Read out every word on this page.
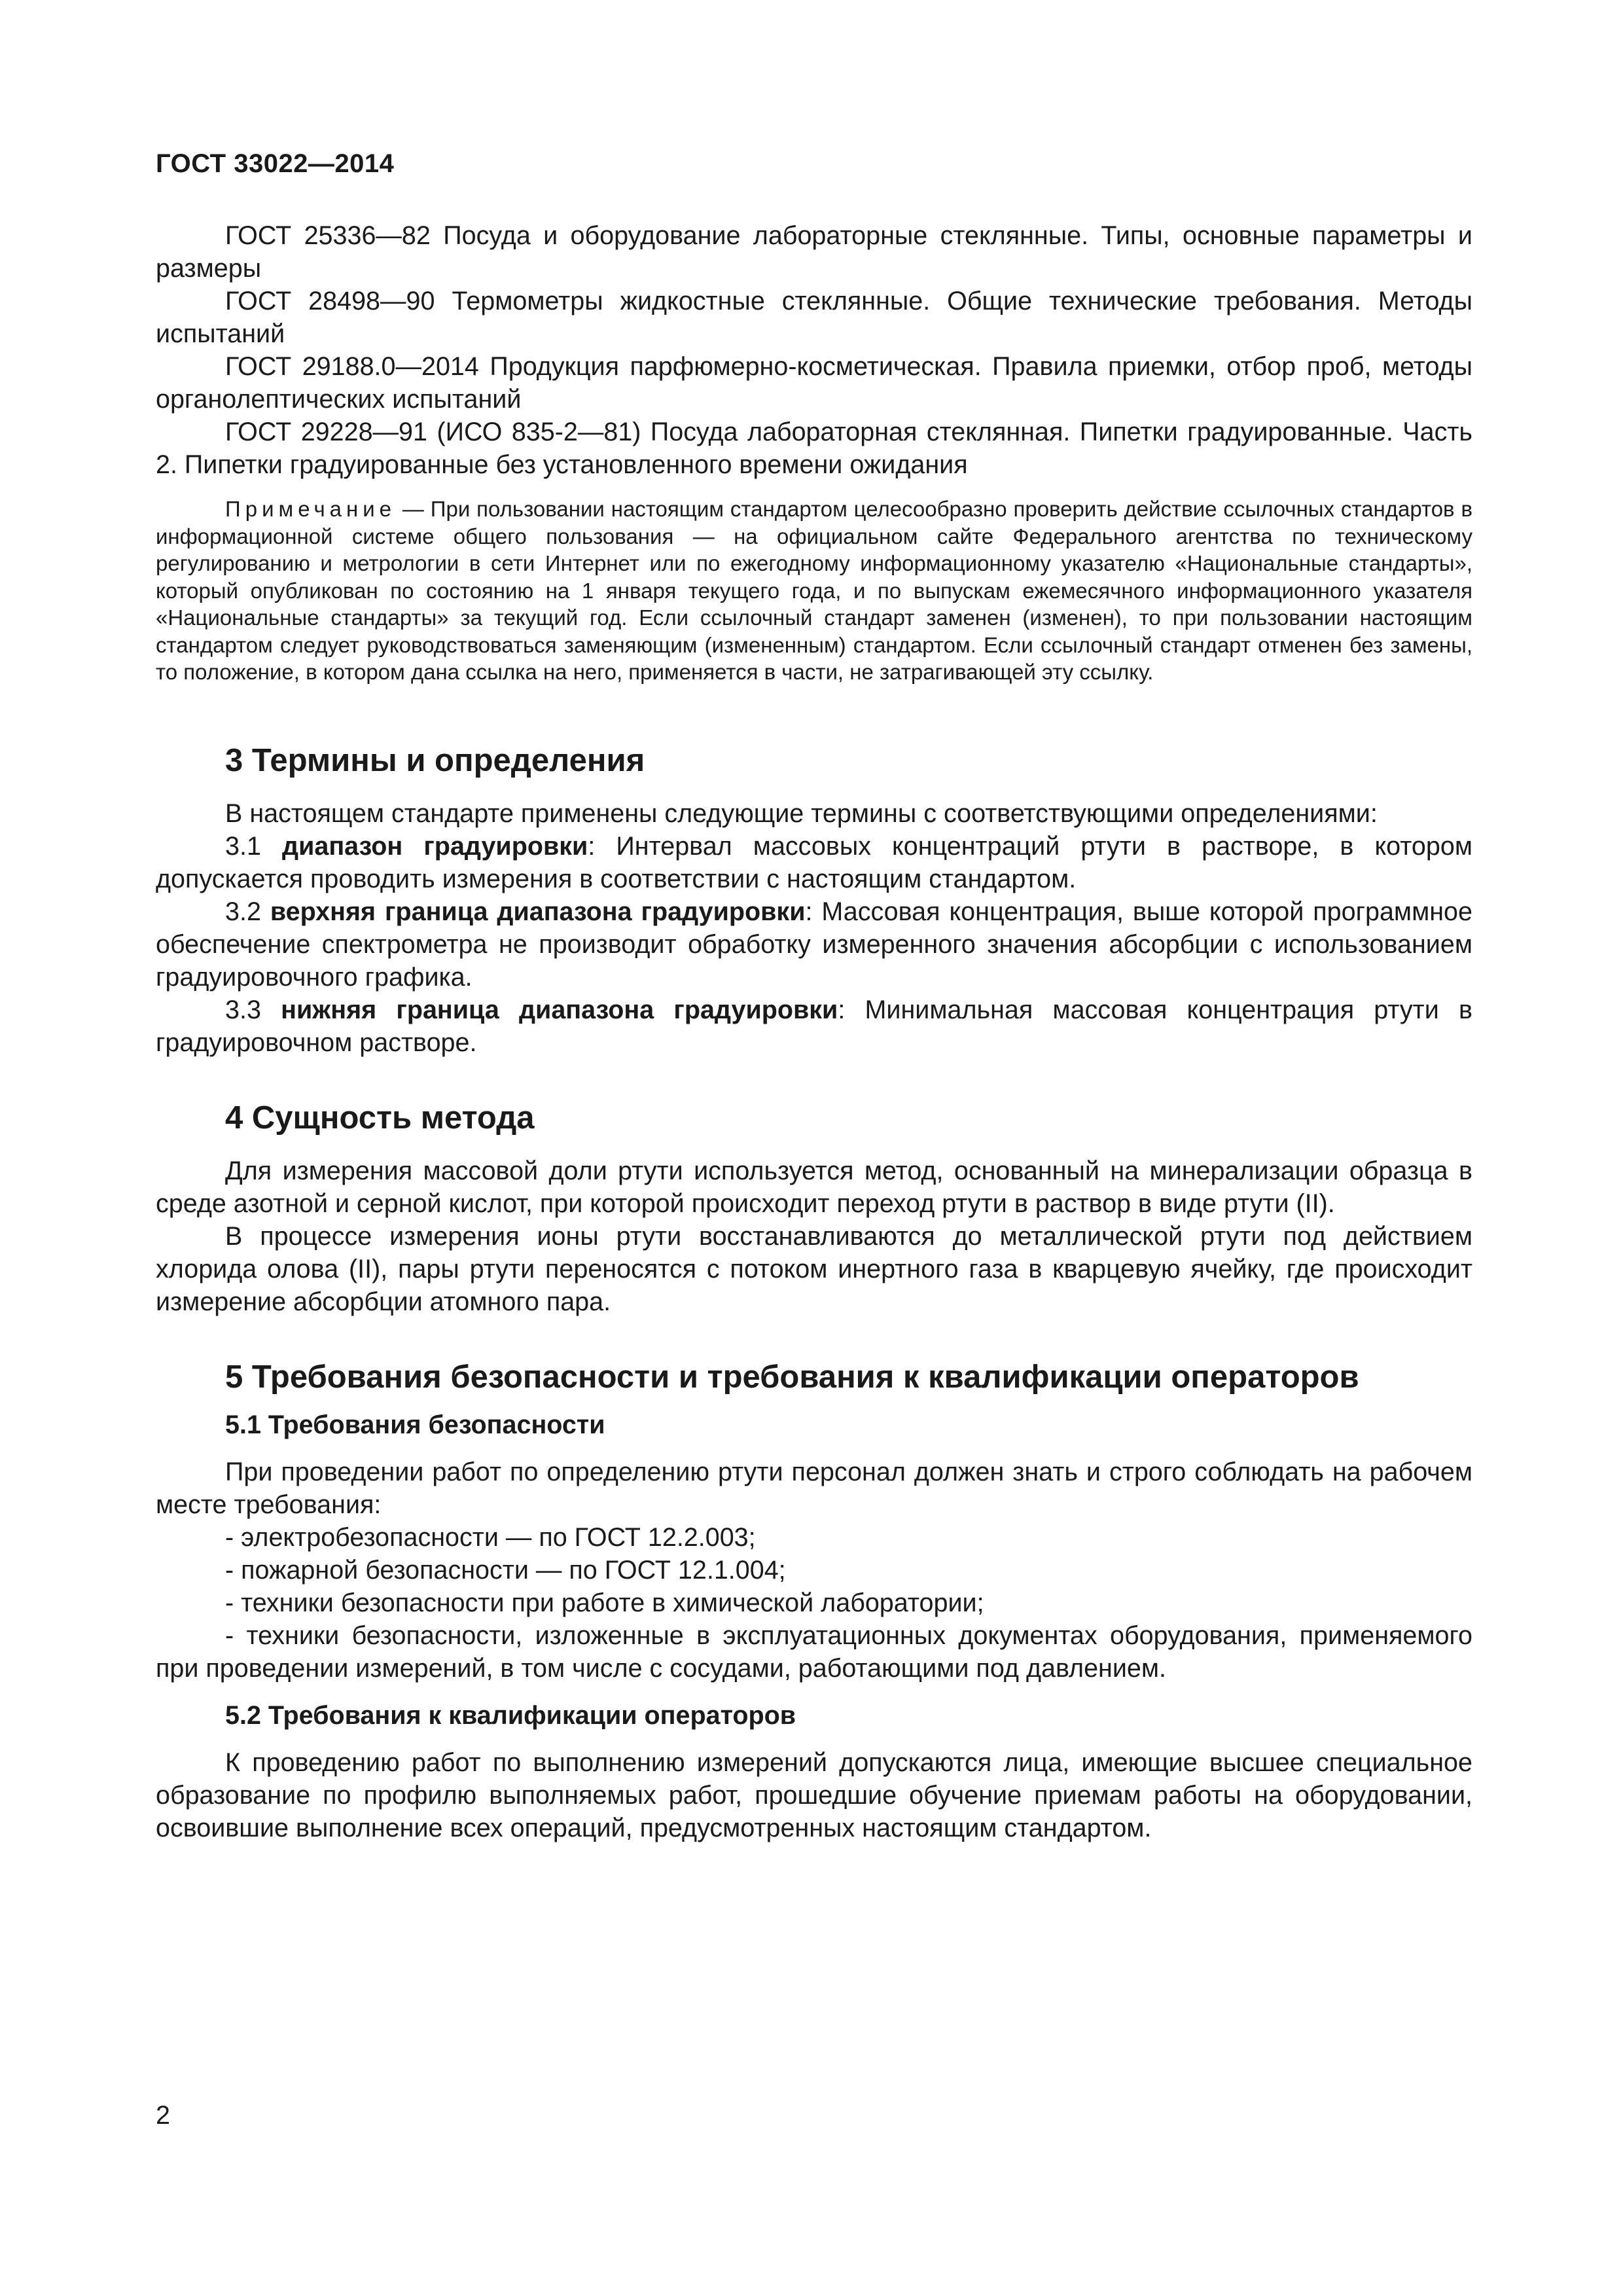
ГОСТ 33022—2014

ГОСТ 25336—82 Посуда и оборудование лабораторные стеклянные. Типы, основные параметры и размеры

ГОСТ 28498—90 Термометры жидкостные стеклянные. Общие технические требования. Методы испытаний

ГОСТ 29188.0—2014 Продукция парфюмерно-косметическая. Правила приемки, отбор проб, методы органолептических испытаний

ГОСТ 29228—91 (ИСО 835-2—81) Посуда лабораторная стеклянная. Пипетки градуированные. Часть 2. Пипетки градуированные без установленного времени ожидания

Примечание — При пользовании настоящим стандартом целесообразно проверить действие ссылочных стандартов в информационной системе общего пользования — на официальном сайте Федерального агентства по техническому регулированию и метрологии в сети Интернет или по ежегодному информационному указателю «Национальные стандарты», который опубликован по состоянию на 1 января текущего года, и по выпускам ежемесячного информационного указателя «Национальные стандарты» за текущий год. Если ссылочный стандарт заменен (изменен), то при пользовании настоящим стандартом следует руководствоваться заменяющим (измененным) стандартом. Если ссылочный стандарт отменен без замены, то положение, в котором дана ссылка на него, применяется в части, не затрагивающей эту ссылку.

3 Термины и определения

В настоящем стандарте применены следующие термины с соответствующими определениями:

3.1 диапазон градуировки: Интервал массовых концентраций ртути в растворе, в котором допускается проводить измерения в соответствии с настоящим стандартом.

3.2 верхняя граница диапазона градуировки: Массовая концентрация, выше которой программное обеспечение спектрометра не производит обработку измеренного значения абсорбции с использованием градуировочного графика.

3.3 нижняя граница диапазона градуировки: Минимальная массовая концентрация ртути в градуировочном растворе.

4 Сущность метода

Для измерения массовой доли ртути используется метод, основанный на минерализации образца в среде азотной и серной кислот, при которой происходит переход ртути в раствор в виде ртути (II).

В процессе измерения ионы ртути восстанавливаются до металлической ртути под действием хлорида олова (II), пары ртути переносятся с потоком инертного газа в кварцевую ячейку, где происходит измерение абсорбции атомного пара.

5 Требования безопасности и требования к квалификации операторов
5.1 Требования безопасности

При проведении работ по определению ртути персонал должен знать и строго соблюдать на рабочем месте требования:

- электробезопасности — по ГОСТ 12.2.003;

- пожарной безопасности — по ГОСТ 12.1.004;

- техники безопасности при работе в химической лаборатории;

- техники безопасности, изложенные в эксплуатационных документах оборудования, применяемого при проведении измерений, в том числе с сосудами, работающими под давлением.

5.2 Требования к квалификации операторов

К проведению работ по выполнению измерений допускаются лица, имеющие высшее специальное образование по профилю выполняемых работ, прошедшие обучение приемам работы на оборудовании, освоившие выполнение всех операций, предусмотренных настоящим стандартом.

2
